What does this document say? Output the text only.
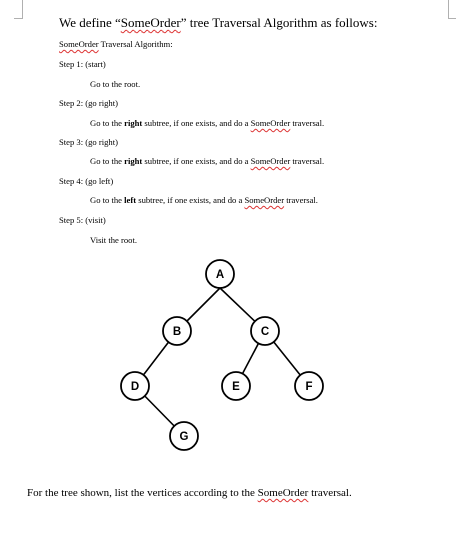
We define “SomeOrder” tree Traversal Algorithm as follows:
SomeOrder Traversal Algorithm:
Step 1: (start)
Go to the root.
Step 2: (go right)
Go to the right subtree, if one exists, and do a SomeOrder traversal.
Step 3: (go right)
Go to the right subtree, if one exists, and do a SomeOrder traversal.
Step 4: (go left)
Go to the left subtree, if one exists, and do a SomeOrder traversal.
Step 5: (visit)
Visit the root.
A
B	C
D	E	F
G
For the tree shown, list the vertices according to the SomeOrder traversal.
